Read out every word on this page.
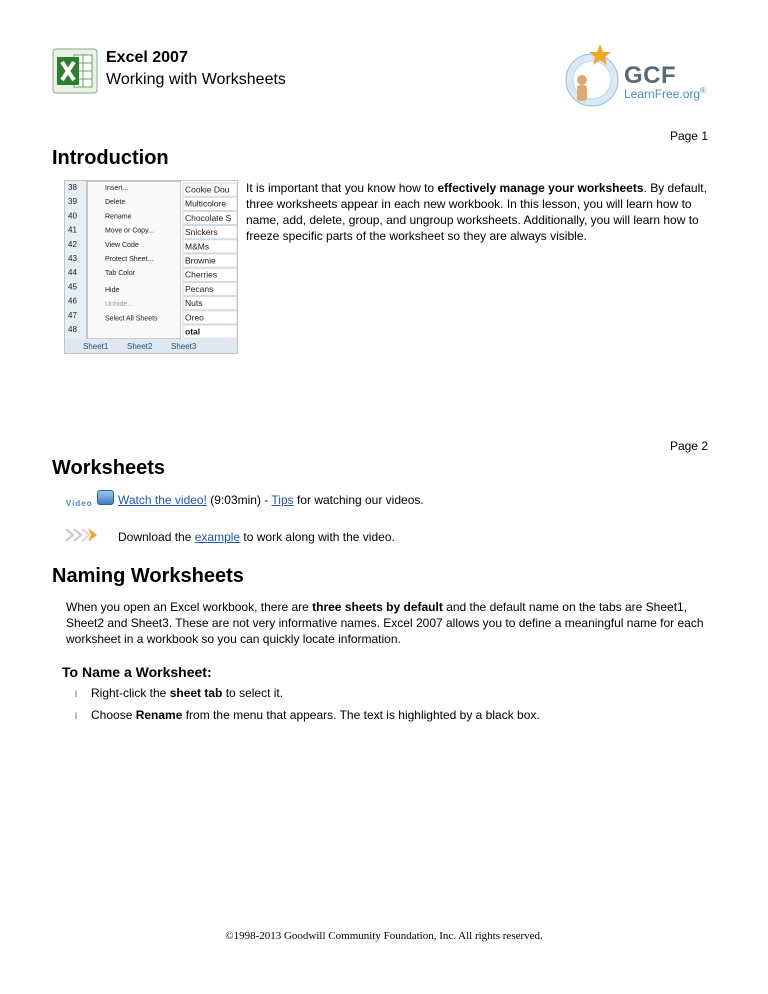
Excel 2007
Working with Worksheets	GCF
LearnFree.org®
Page 1
Introduction
38
39
40
41
42
43
44
45
46
47
48
Cookie Dou
Multicolore
Chocolate S
Snickers
M&Ms
Brownie
Cherries
Pecans
Nuts
Oreo
otal
Insert...
Delete
Rename
Move or Copy...
View Code
Protect Sheet...
Tab Color
Hide
Unhide...
Select All Sheets
Sheet1 Sheet2 Sheet3
It is important that you know how to effectively manage your worksheets. By default, three worksheets appear in each new workbook. In this lesson, you will learn how to name, add, delete, group, and ungroup worksheets. Additionally, you will learn how to freeze specific parts of the worksheet so they are always visible.
Page 2
Worksheets
Video Watch the video! (9:03min) - Tips for watching our videos.
Download the example to work along with the video.
Naming Worksheets
When you open an Excel workbook, there are three sheets by default and the default name on the tabs are Sheet1, Sheet2 and Sheet3. These are not very informative names. Excel 2007 allows you to define a meaningful name for each worksheet in a workbook so you can quickly locate information.
To Name a Worksheet:
l Right-click the sheet tab to select it.
l Choose Rename from the menu that appears. The text is highlighted by a black box.
©1998-2013 Goodwill Community Foundation, Inc. All rights reserved.
